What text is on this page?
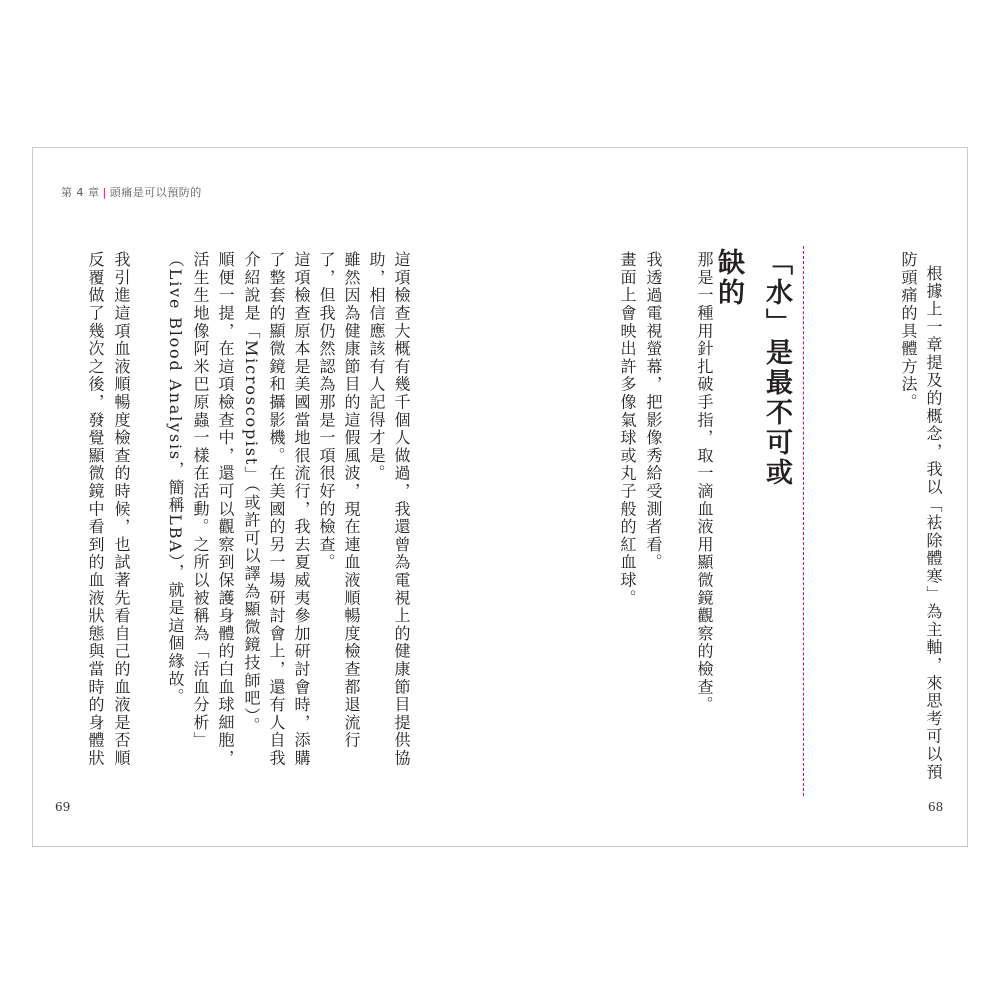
第 4 章 | 頭痛是可以預防的

根據上一章提及的概念，我以「袪除體寒」為主軸，來思考可以預防頭痛的具體方法。

「水」是最不可或缺的

那是一種用針扎破手指，取一滴血液用顯微鏡觀察的檢查。
我透過電視螢幕，把影像秀給受測者看。
畫面上會映出許多像氣球或丸子般的紅血球。
這項檢查大概有幾千個人做過，我還曾為電視上的健康節目提供協助，相信應該有人記得才是。
雖然因為健康節目的這假風波，現在連血液順暢度檢查都退流行了，但我仍然認為那是一項很好的檢查。
這項檢查原本是美國當地很流行，我去夏威夷參加研討會時，添購了整套的顯微鏡和攝影機。在美國的另一場研討會上，還有人自我介紹說是「Microscopist」（或許可以譯為顯微鏡技師吧）。
順便一提，在這項檢查中，還可以觀察到保護身體的白血球細胞，活生生地像阿米巴原蟲一樣在活動。之所以被稱為「活血分析」（Live Blood Analysis，簡稱LBA），就是這個緣故。
我引進這項血液順暢度檢查的時候，也試著先看自己的血液是否順
反覆做了幾次之後，發覺顯微鏡中看到的血液狀態與當時的身體狀

69	68
